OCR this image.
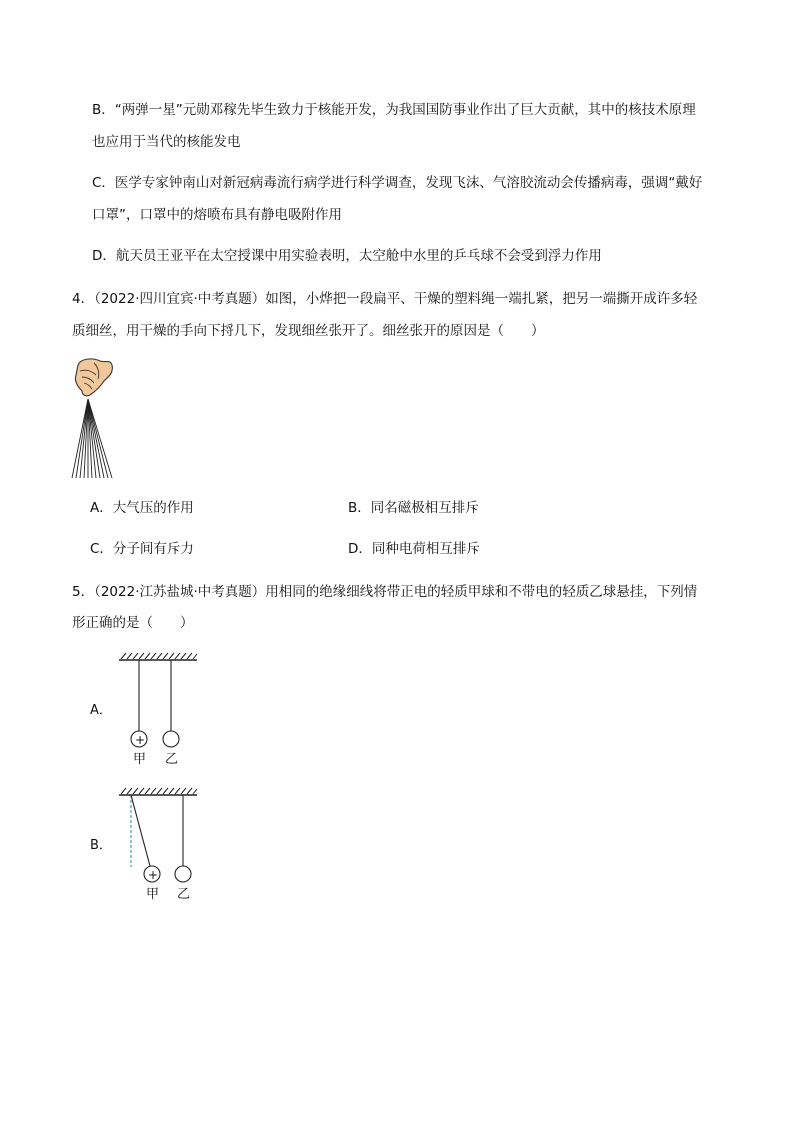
B．“两弹一星”元勋邓稼先毕生致力于核能开发，为我国国防事业作出了巨大贡献，其中的核技术原理
也应用于当代的核能发电
C．医学专家钟南山对新冠病毒流行病学进行科学调查，发现飞沫、气溶胶流动会传播病毒，强调“戴好
口罩”，口罩中的熔喷布具有静电吸附作用
D．航天员王亚平在太空授课中用实验表明，太空舱中水里的乒乓球不会受到浮力作用
4．（2022·四川宜宾·中考真题）如图，小烨把一段扁平、干燥的塑料绳一端扎紧，把另一端撕开成许多轻
质细丝，用干燥的手向下捋几下，发现细丝张开了。细丝张开的原因是（　　）
A．大气压的作用	B．同名磁极相互排斥
C．分子间有斥力	D．同种电荷相互排斥
5．（2022·江苏盐城·中考真题）用相同的绝缘细线将带正电的轻质甲球和不带电的轻质乙球悬挂，下列情
形正确的是（　　）
A．
+
甲 乙
B．
+
甲 乙
